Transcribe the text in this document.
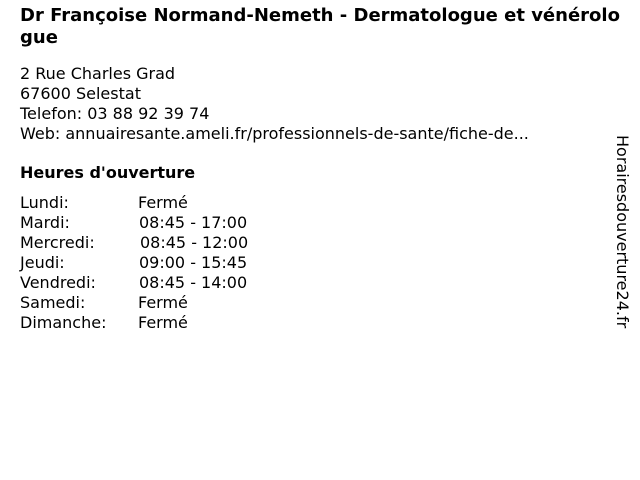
Dr Françoise Normand-Nemeth - Dermatologue et vénérologue
2 Rue Charles Grad
67600 Selestat
Telefon: 03 88 92 39 74
Web: annuairesante.ameli.fr/professionnels-de-sante/fiche-de...
Heures d'ouverture
Lundi:	Fermé
Mardi:	08:45 - 17:00
Mercredi:	08:45 - 12:00
Jeudi:	09:00 - 15:45
Vendredi:	08:45 - 14:00
Samedi:	Fermé
Dimanche: Fermé	Horairesdouverture24.fr
